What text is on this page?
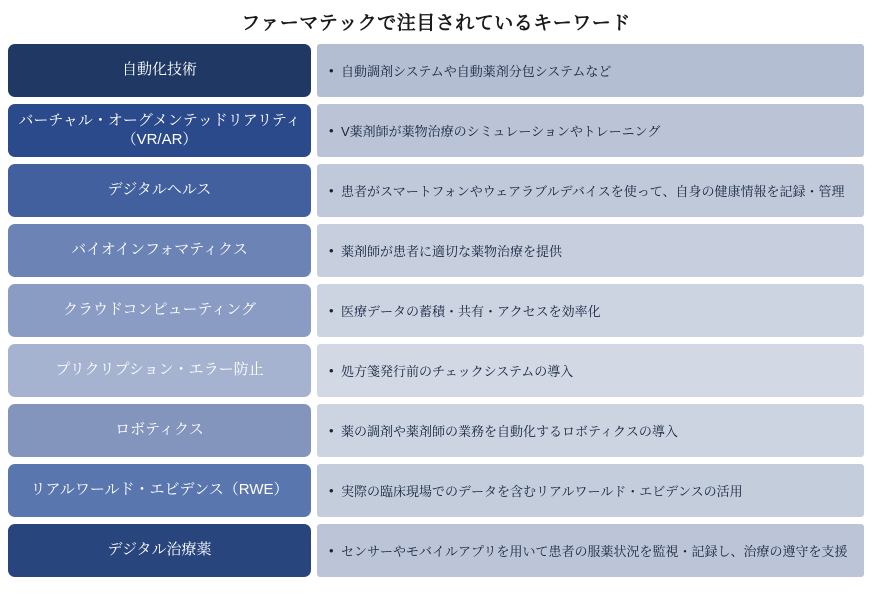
ファーマテックで注目されているキーワード
自動化技術	• 自動調剤システムや自動薬剤分包システムなど
バーチャル・オーグメンテッドリアリティ（VR/AR）	• V薬剤師が薬物治療のシミュレーションやトレーニング
デジタルヘルス	• 患者がスマートフォンやウェアラブルデバイスを使って、自身の健康情報を記録・管理
バイオインフォマティクス	• 薬剤師が患者に適切な薬物治療を提供
クラウドコンピューティング	• 医療データの蓄積・共有・アクセスを効率化
プリクリプション・エラー防止	• 処方箋発行前のチェックシステムの導入
ロボティクス	• 薬の調剤や薬剤師の業務を自動化するロボティクスの導入
リアルワールド・エビデンス（RWE）	• 実際の臨床現場でのデータを含むリアルワールド・エビデンスの活用
デジタル治療薬	• センサーやモバイルアプリを用いて患者の服薬状況を監視・記録し、治療の遵守を支援
